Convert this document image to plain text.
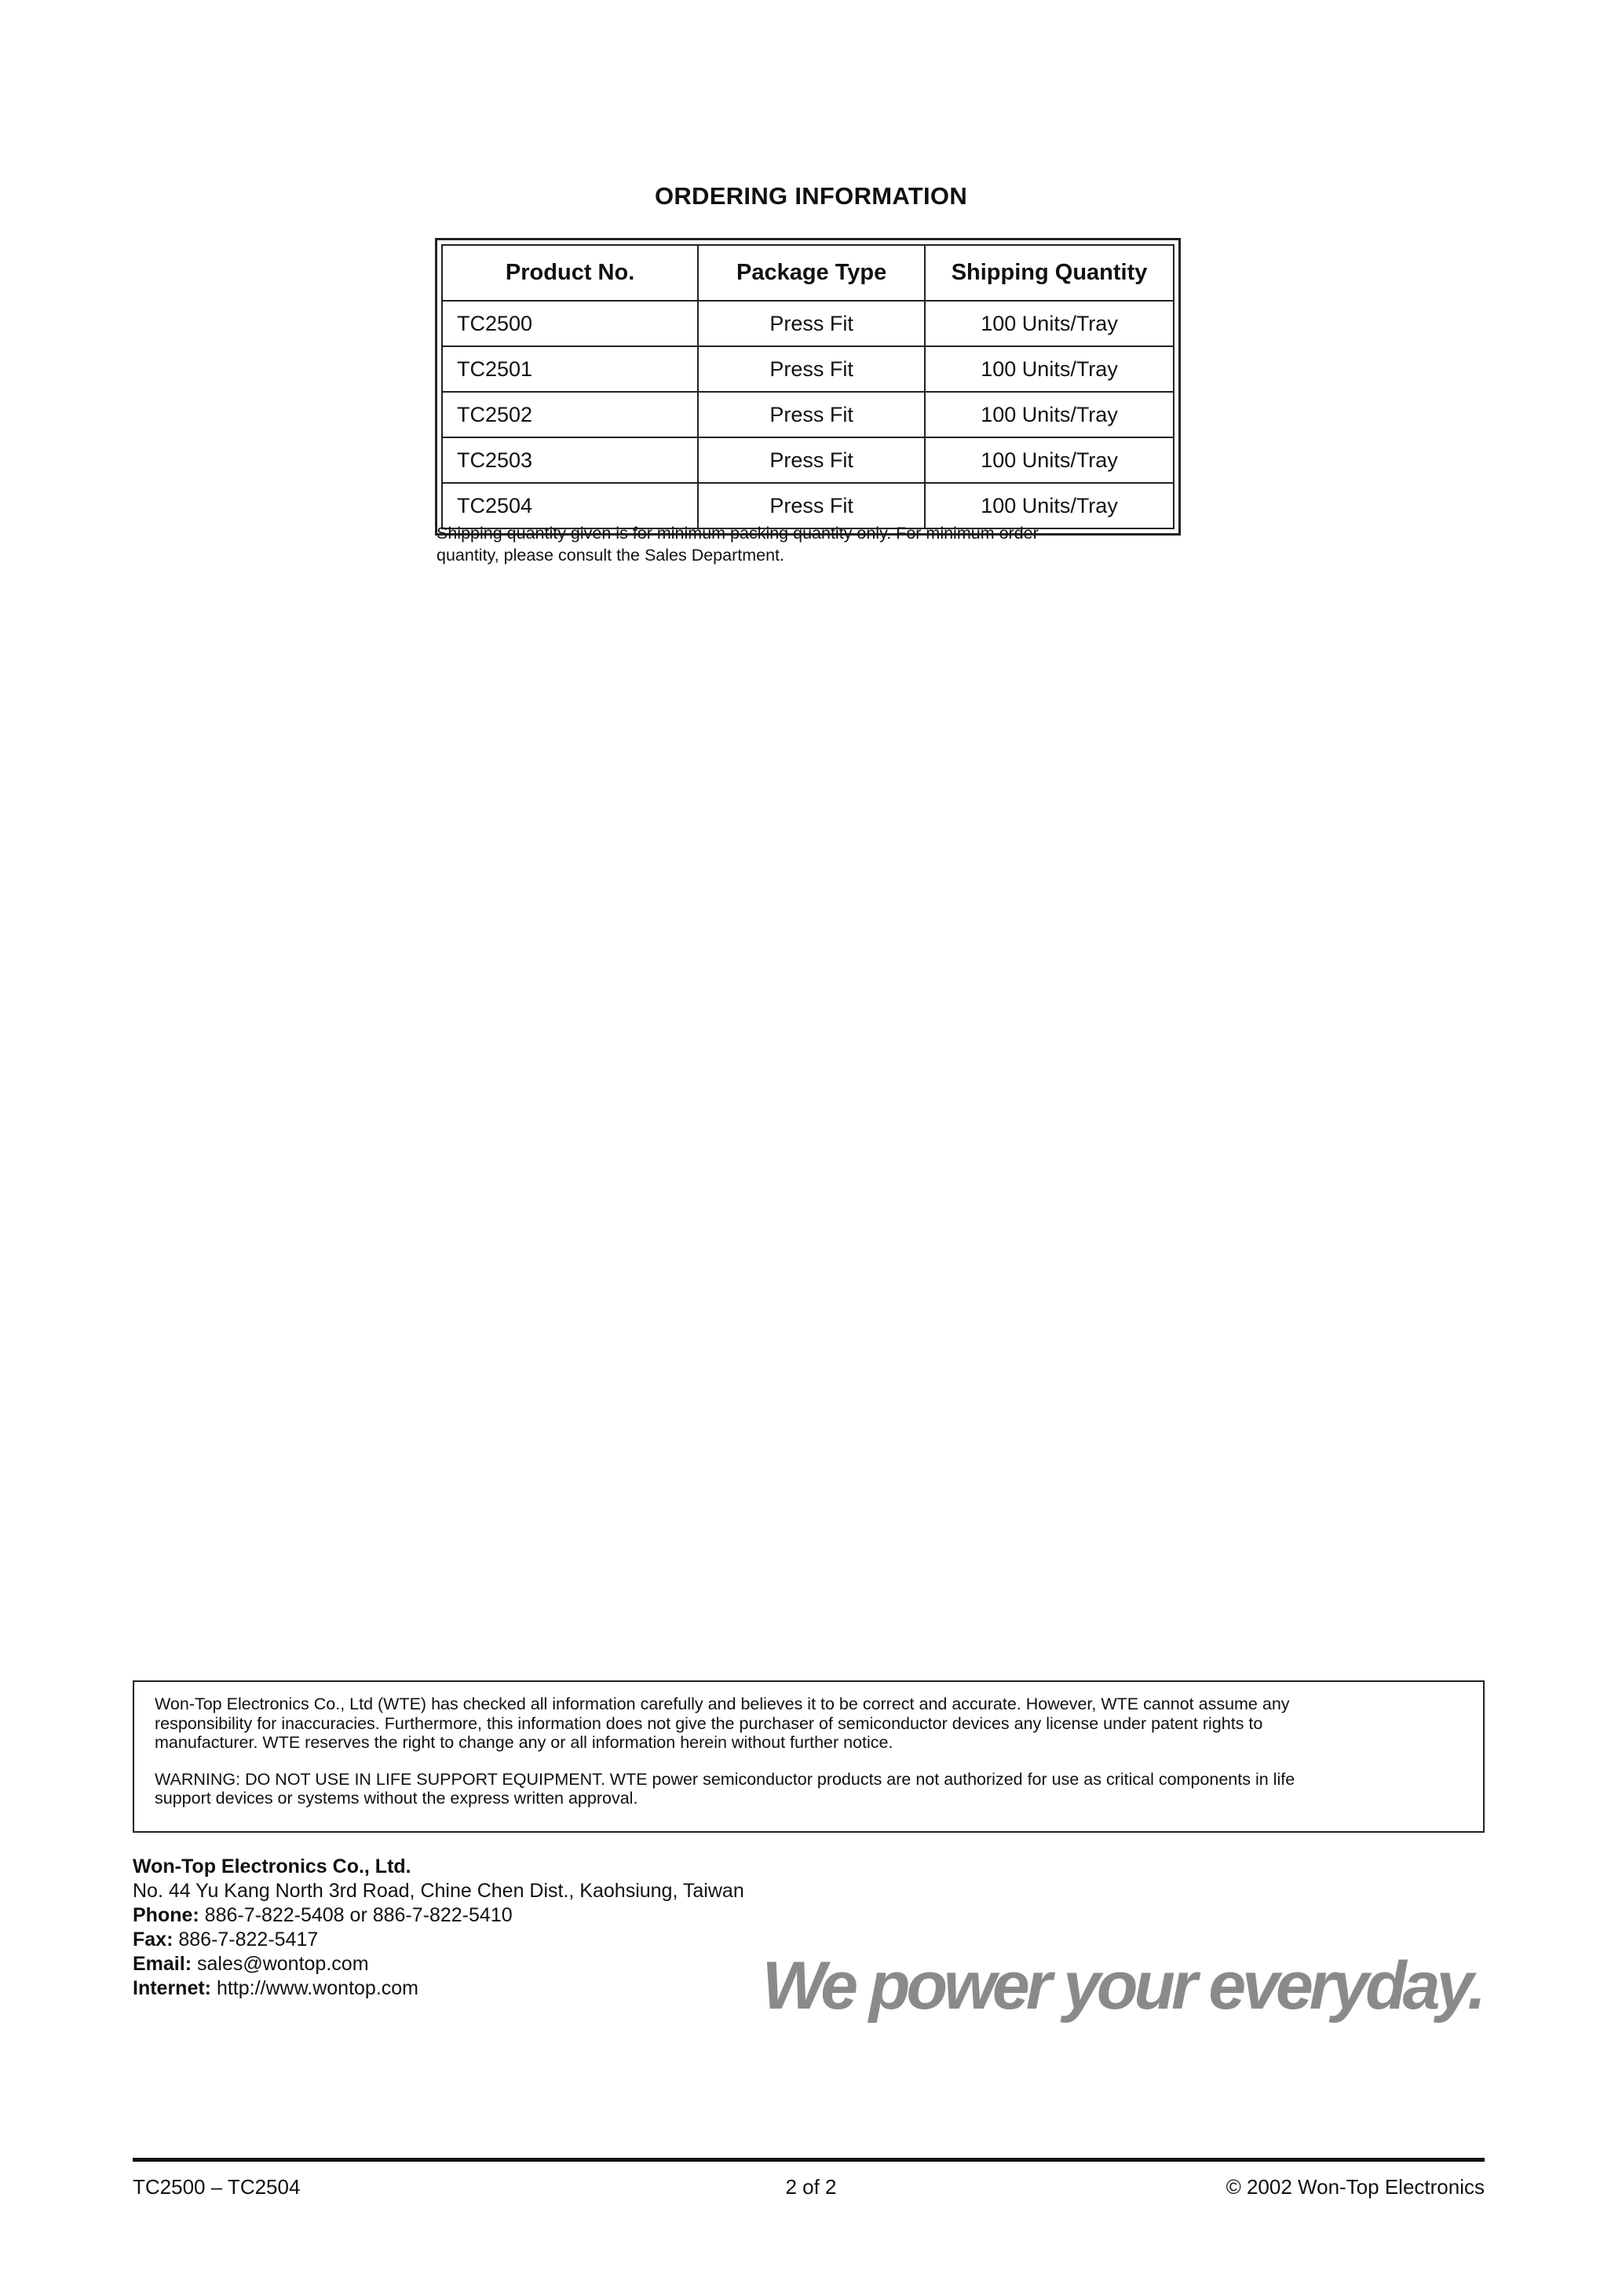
ORDERING INFORMATION
Product No.	Package Type	Shipping Quantity
TC2500	Press Fit	100 Units/Tray
TC2501	Press Fit	100 Units/Tray
TC2502	Press Fit	100 Units/Tray
TC2503	Press Fit	100 Units/Tray
TC2504	Press Fit	100 Units/Tray
Shipping quantity given is for minimum packing quantity only. For minimum order
quantity, please consult the Sales Department.

Won-Top Electronics Co., Ltd (WTE) has checked all information carefully and believes it to be correct and accurate. However, WTE cannot assume any
responsibility for inaccuracies. Furthermore, this information does not give the purchaser of semiconductor devices any license under patent rights to
manufacturer. WTE reserves the right to change any or all information herein without further notice.

WARNING: DO NOT USE IN LIFE SUPPORT EQUIPMENT. WTE power semiconductor products are not authorized for use as critical components in life
support devices or systems without the express written approval.

Won-Top Electronics Co., Ltd.
No. 44 Yu Kang North 3rd Road, Chine Chen Dist., Kaohsiung, Taiwan
Phone: 886-7-822-5408 or 886-7-822-5410
Fax: 886-7-822-5417
Email: sales@wontop.com
Internet: http://www.wontop.com	We power your everyday.
TC2500 – TC2504	2 of 2	© 2002 Won-Top Electronics
